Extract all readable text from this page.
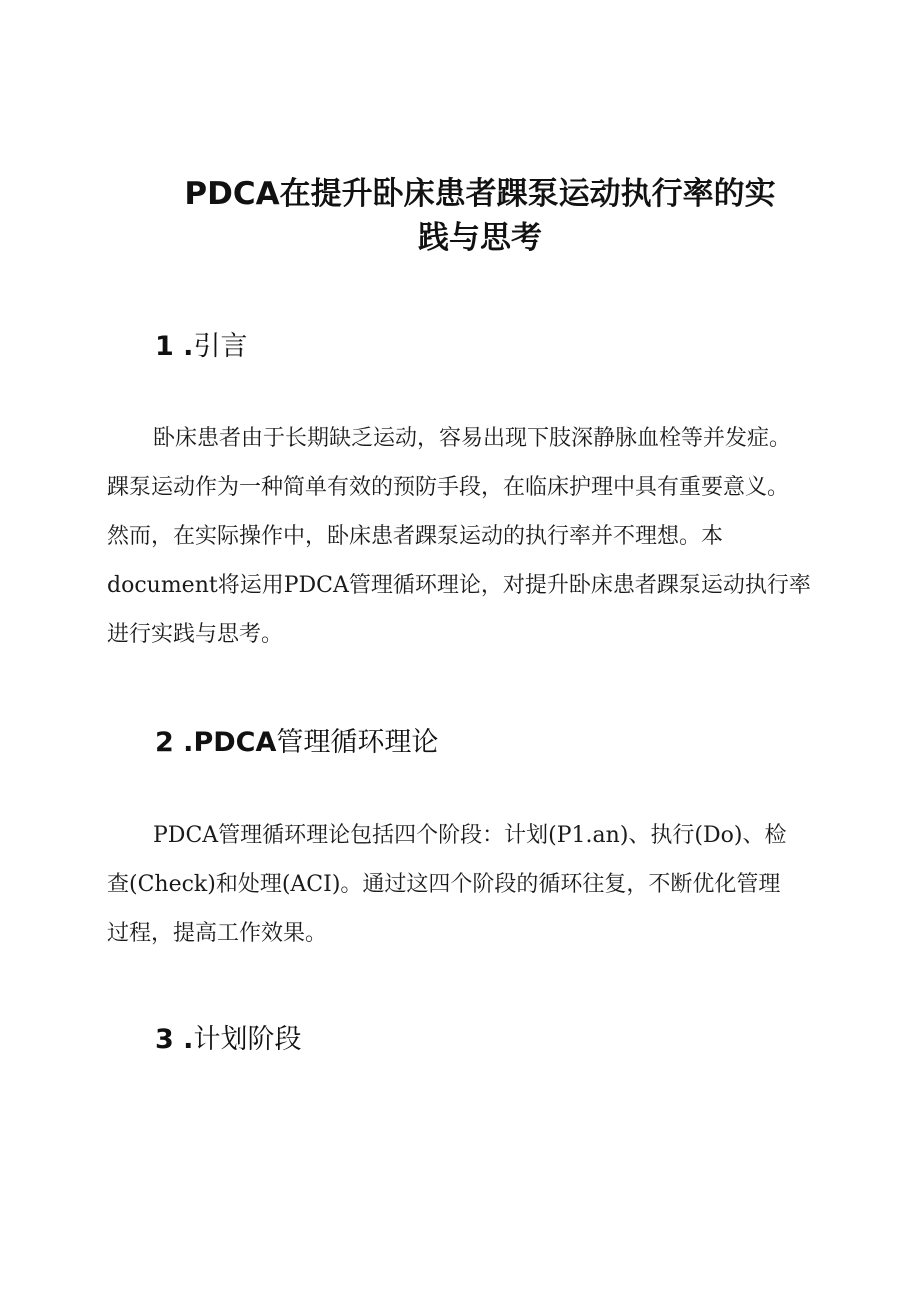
PDCA在提升卧床患者踝泵运动执行率的实
践与思考
1 .引言
卧床患者由于长期缺乏运动，容易出现下肢深静脉血栓等并发症。
踝泵运动作为一种简单有效的预防手段，在临床护理中具有重要意义。
然而，在实际操作中，卧床患者踝泵运动的执行率并不理想。本
document将运用PDCA管理循环理论，对提升卧床患者踝泵运动执行率
进行实践与思考。
2 .PDCA管理循环理论
PDCA管理循环理论包括四个阶段：计划(P1.an)、执行(Do)、检
查(Check)和处理(ACI)。通过这四个阶段的循环往复，不断优化管理
过程，提高工作效果。
3 .计划阶段
